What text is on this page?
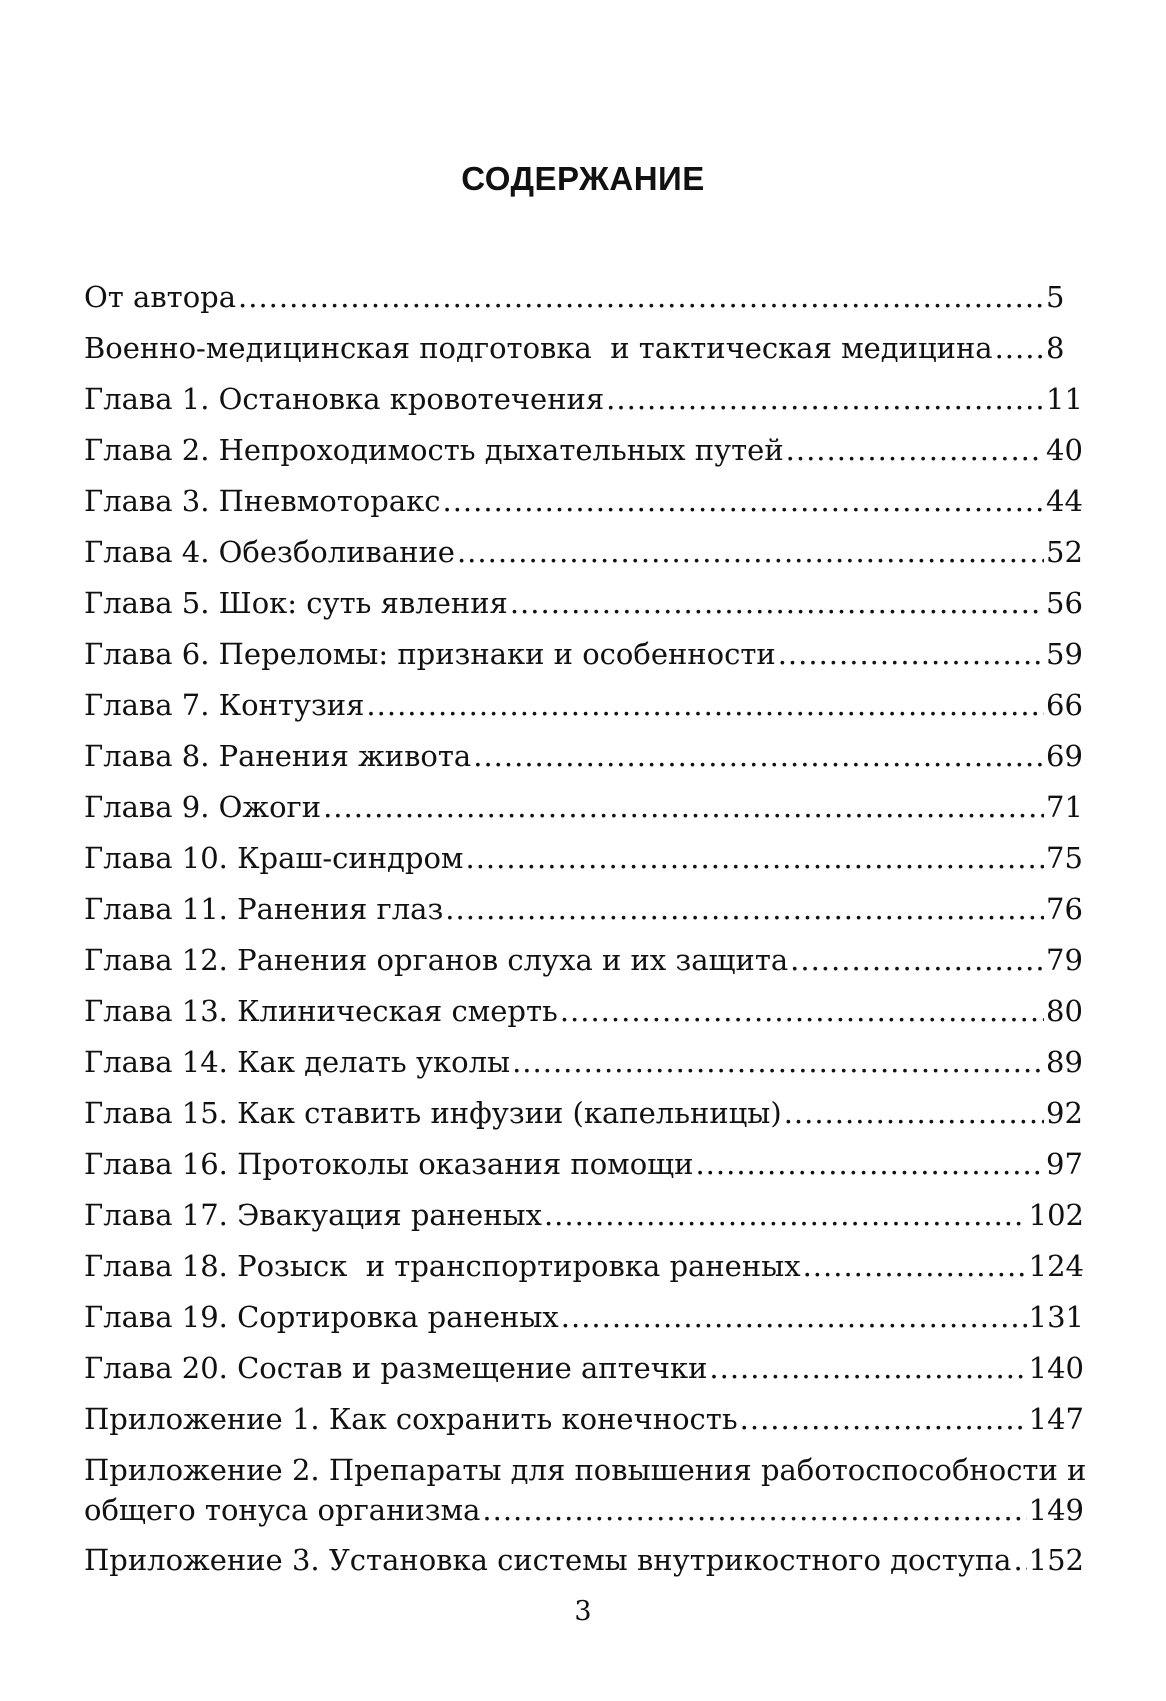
СОДЕРЖАНИЕ
От автора .....	5
Военно-медицинская подготовка  и тактическая медицина ..... 8
Глава 1. Остановка кровотечения .....	11
Глава 2. Непроходимость дыхательных путей .....	40
Глава 3. Пневмоторакс .....	44
Глава 4. Обезболивание .....	52
Глава 5. Шок: суть явления .....	56
Глава 6. Переломы: признаки и особенности .....	59
Глава 7. Контузия .....	66
Глава 8. Ранения живота .....	69
Глава 9. Ожоги .....	71
Глава 10. Краш-синдром .....	75
Глава 11. Ранения глаз .....	76
Глава 12. Ранения органов слуха и их защита .....	79
Глава 13. Клиническая смерть .....	80
Глава 14. Как делать уколы .....	89
Глава 15. Как ставить инфузии (капельницы) .....	92
Глава 16. Протоколы оказания помощи .....	97
Глава 17. Эвакуация раненых .....	102
Глава 18. Розыск  и транспортировка раненых .....	124
Глава 19. Сортировка раненых .....	131
Глава 20. Состав и размещение аптечки .....	140
Приложение 1. Как сохранить конечность .....	147
Приложение 2. Препараты для повышения работоспособности и
общего тонуса организма .....	149
Приложение 3. Установка системы внутрикостного доступа ..... 152

3
